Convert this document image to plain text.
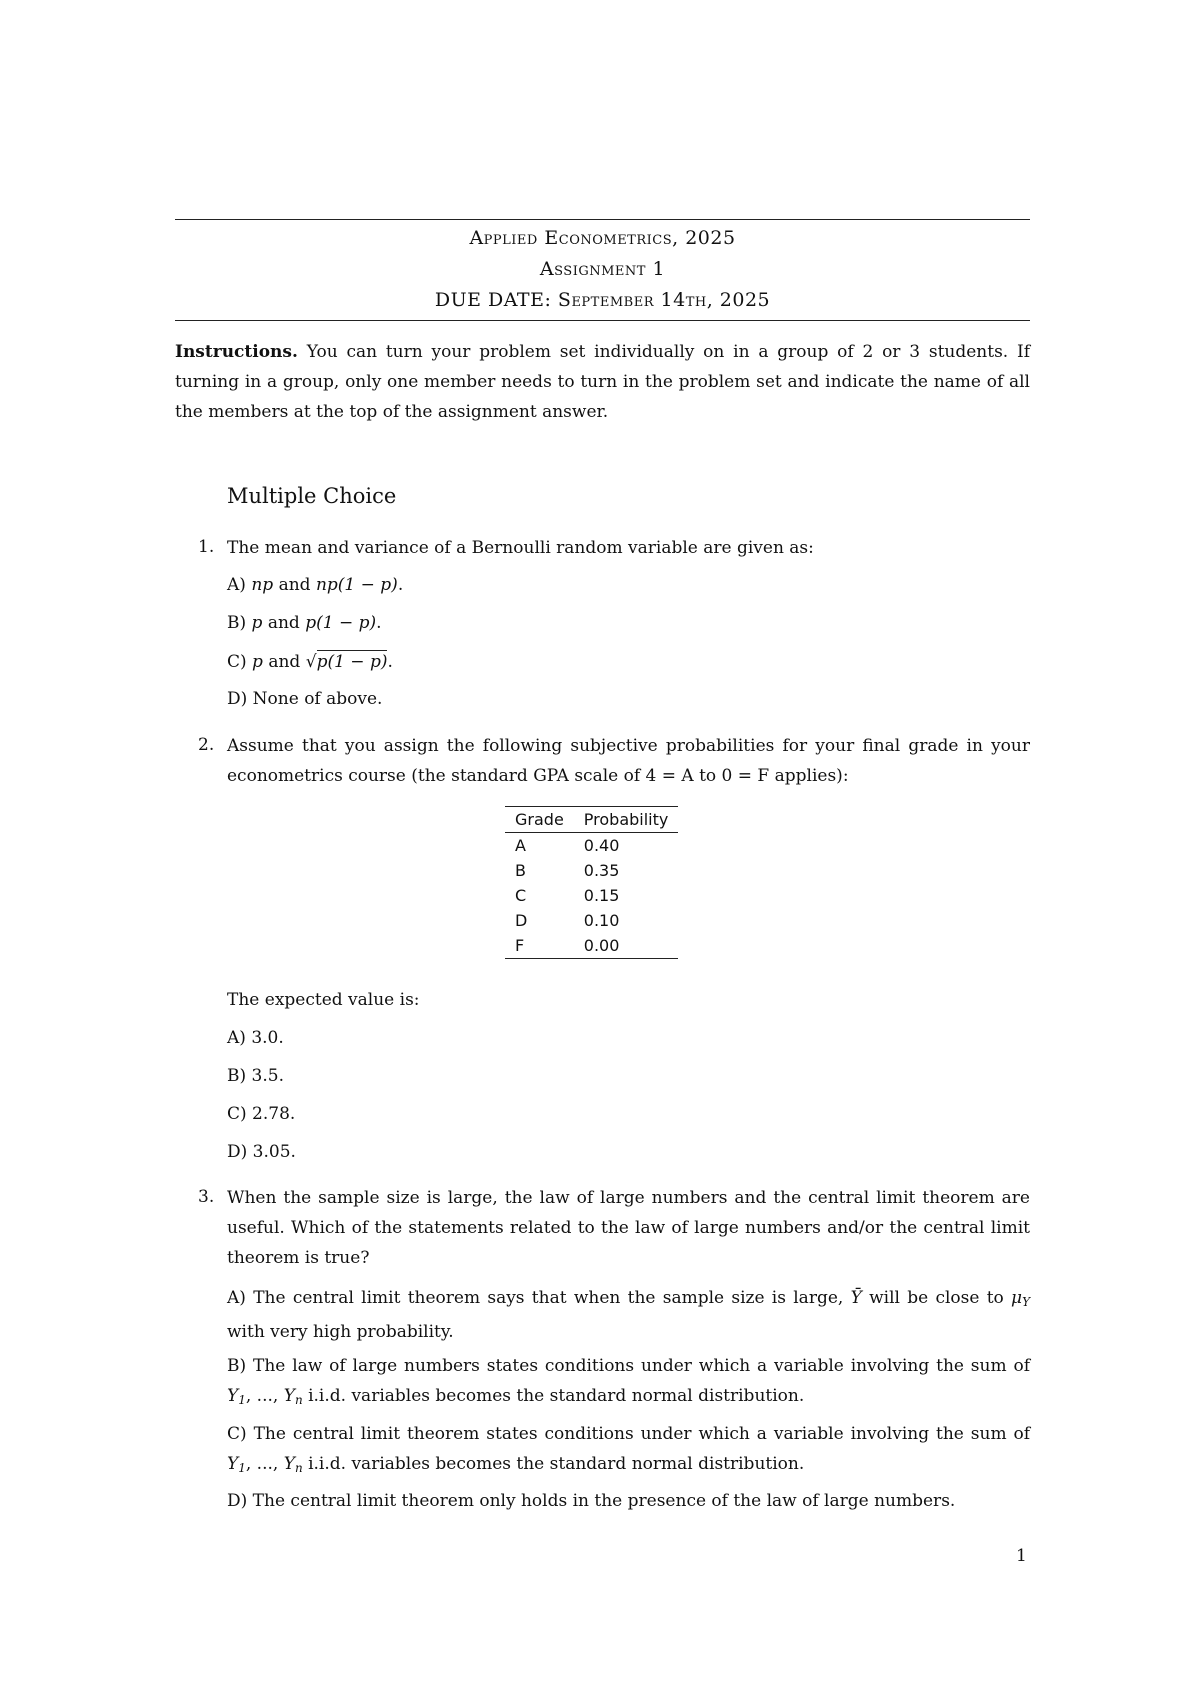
Applied Econometrics, 2025
Assignment 1
DUE DATE: September 14th, 2025
Instructions. You can turn your problem set individually on in a group of 2 or 3 students. If turning in a group, only one member needs to turn in the problem set and indicate the name of all the members at the top of the assignment answer.
Multiple Choice
1. The mean and variance of a Bernoulli random variable are given as:
A) np and np(1 − p).
B) p and p(1 − p).
C) p and √p(1 − p).
D) None of above.
2. Assume that you assign the following subjective probabilities for your final grade in your econometrics course (the standard GPA scale of 4 = A to 0 = F applies):
Grade	Probability
A	0.40
B	0.35
C	0.15
D	0.10
F	0.00
The expected value is:
A) 3.0.
B) 3.5.
C) 2.78.
D) 3.05.
3. When the sample size is large, the law of large numbers and the central limit theorem are useful. Which of the statements related to the law of large numbers and/or the central limit theorem is true?
A) The central limit theorem says that when the sample size is large, Ȳ will be close to $\mu_Y$ with very high probability.
B) The law of large numbers states conditions under which a variable involving the sum of $Y_1$, ..., $Y_n$ i.i.d. variables becomes the standard normal distribution.
C) The central limit theorem states conditions under which a variable involving the sum of $Y_1$, ..., $Y_n$ i.i.d. variables becomes the standard normal distribution.
D) The central limit theorem only holds in the presence of the law of large numbers.
1
